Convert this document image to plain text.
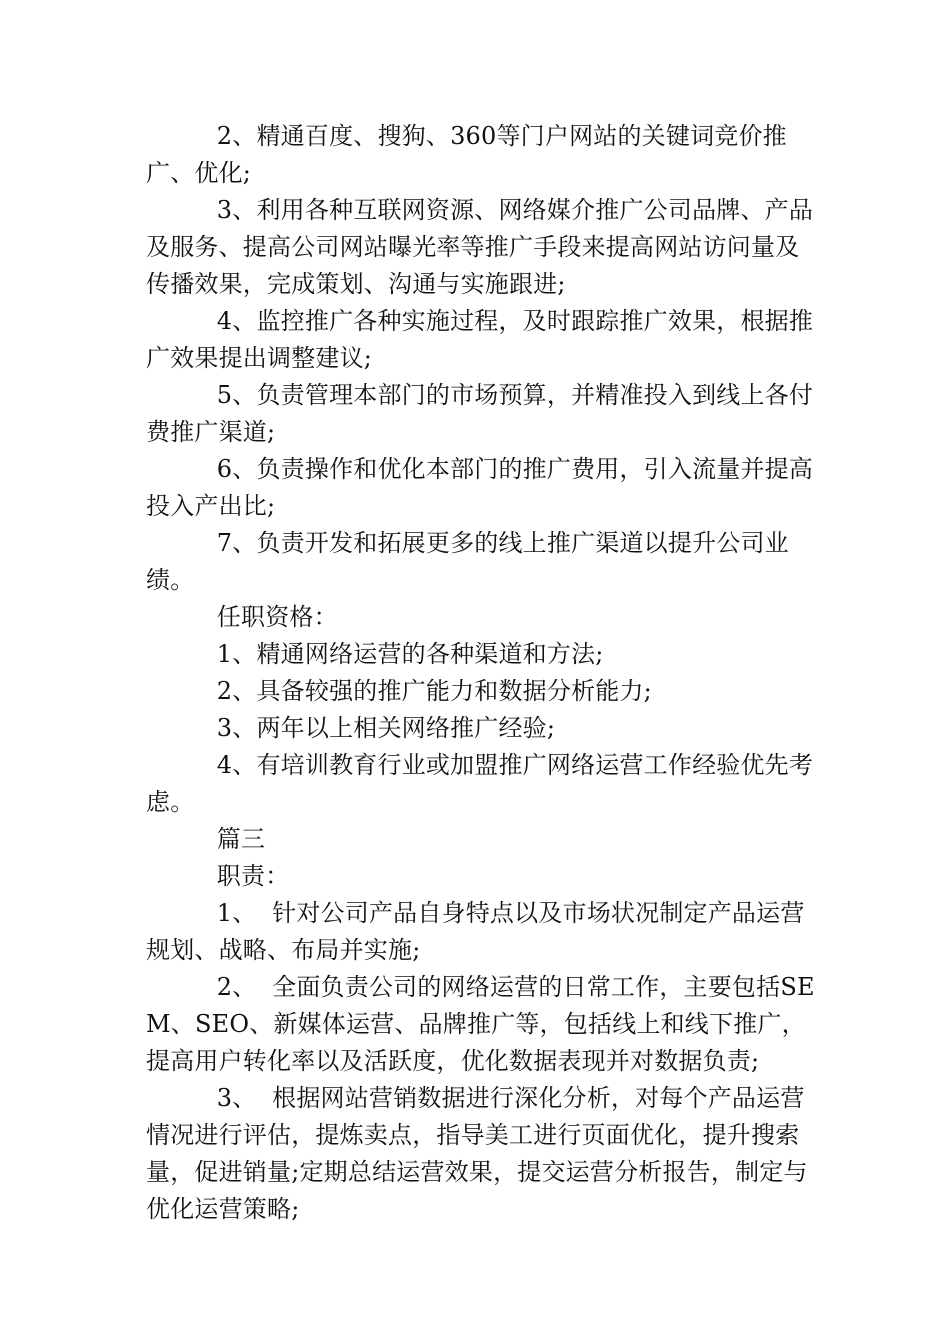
2、精通百度、搜狗、360等门户网站的关键词竞价推广、优化;

3、利用各种互联网资源、网络媒介推广公司品牌、产品及服务、提高公司网站曝光率等推广手段来提高网站访问量及传播效果，完成策划、沟通与实施跟进;

4、监控推广各种实施过程，及时跟踪推广效果，根据推广效果提出调整建议;

5、负责管理本部门的市场预算，并精准投入到线上各付费推广渠道;

6、负责操作和优化本部门的推广费用，引入流量并提高投入产出比;

7、负责开发和拓展更多的线上推广渠道以提升公司业绩。

任职资格：

1、精通网络运营的各种渠道和方法;

2、具备较强的推广能力和数据分析能力;

3、两年以上相关网络推广经验;

4、有培训教育行业或加盟推广网络运营工作经验优先考虑。

篇三

职责：

1、  针对公司产品自身特点以及市场状况制定产品运营规划、战略、布局并实施;

2、  全面负责公司的网络运营的日常工作，主要包括SEM、SEO、新媒体运营、品牌推广等，包括线上和线下推广，提高用户转化率以及活跃度，优化数据表现并对数据负责;

3、  根据网站营销数据进行深化分析，对每个产品运营情况进行评估，提炼卖点，指导美工进行页面优化，提升搜索量，促进销量;定期总结运营效果，提交运营分析报告，制定与优化运营策略;
